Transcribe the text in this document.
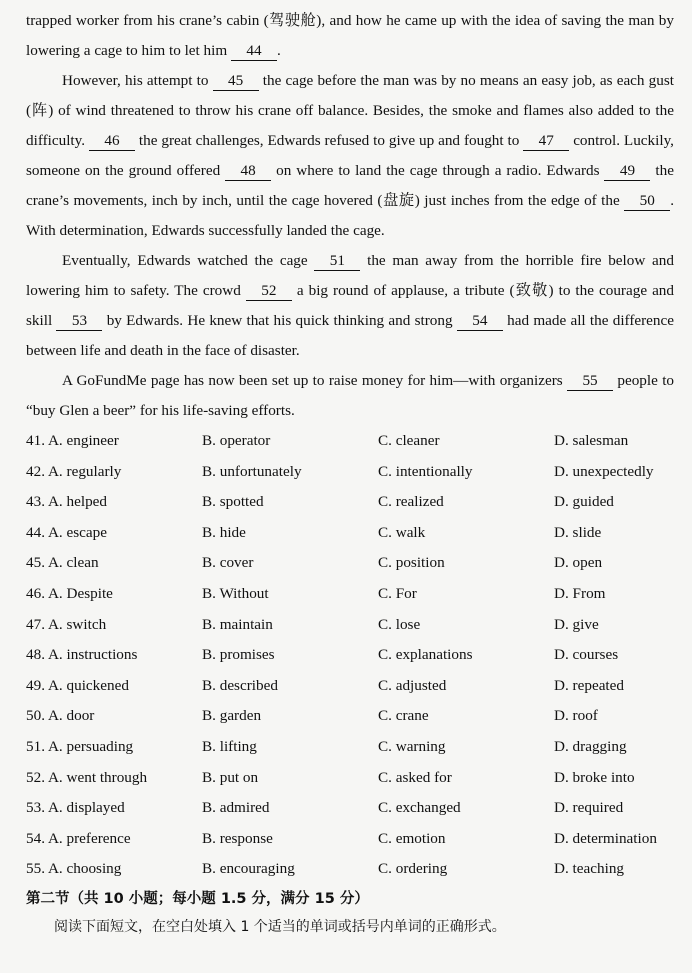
trapped worker from his crane’s cabin (驾驶舱), and how he came up with the idea of saving the man by lowering a cage to him to let him 44 .

However, his attempt to 45 the cage before the man was by no means an easy job, as each gust (阵) of wind threatened to throw his crane off balance. Besides, the smoke and flames also added to the difficulty. 46 the great challenges, Edwards refused to give up and fought to 47 control. Luckily, someone on the ground offered 48 on where to land the cage through a radio. Edwards 49 the crane’s movements, inch by inch, until the cage hovered (盘旋) just inches from the edge of the 50 . With determination, Edwards successfully landed the cage.

Eventually, Edwards watched the cage 51 the man away from the horrible fire below and lowering him to safety. The crowd 52 a big round of applause, a tribute (致敬) to the courage and skill 53 by Edwards. He knew that his quick thinking and strong 54 had made all the difference between life and death in the face of disaster.

A GoFundMe page has now been set up to raise money for him—with organizers 55 people to “buy Glen a beer” for his life-saving efforts.

41. A. engineer	B. operator	C. cleaner	D. salesman
42. A. regularly	B. unfortunately	C. intentionally	D. unexpectedly
43. A. helped	B. spotted	C. realized	D. guided
44. A. escape	B. hide	C. walk	D. slide
45. A. clean	B. cover	C. position	D. open
46. A. Despite	B. Without	C. For	D. From
47. A. switch	B. maintain	C. lose	D. give
48. A. instructions	B. promises	C. explanations	D. courses
49. A. quickened	B. described	C. adjusted	D. repeated
50. A. door	B. garden	C. crane	D. roof
51. A. persuading	B. lifting	C. warning	D. dragging
52. A. went through	B. put on	C. asked for	D. broke into
53. A. displayed	B. admired	C. exchanged	D. required
54. A. preference	B. response	C. emotion	D. determination
55. A. choosing	B. encouraging	C. ordering	D. teaching
第二节（共 10 小题；每小题 1.5 分，满分 15 分）
阅读下面短文，在空白处填入 1 个适当的单词或括号内单词的正确形式。
